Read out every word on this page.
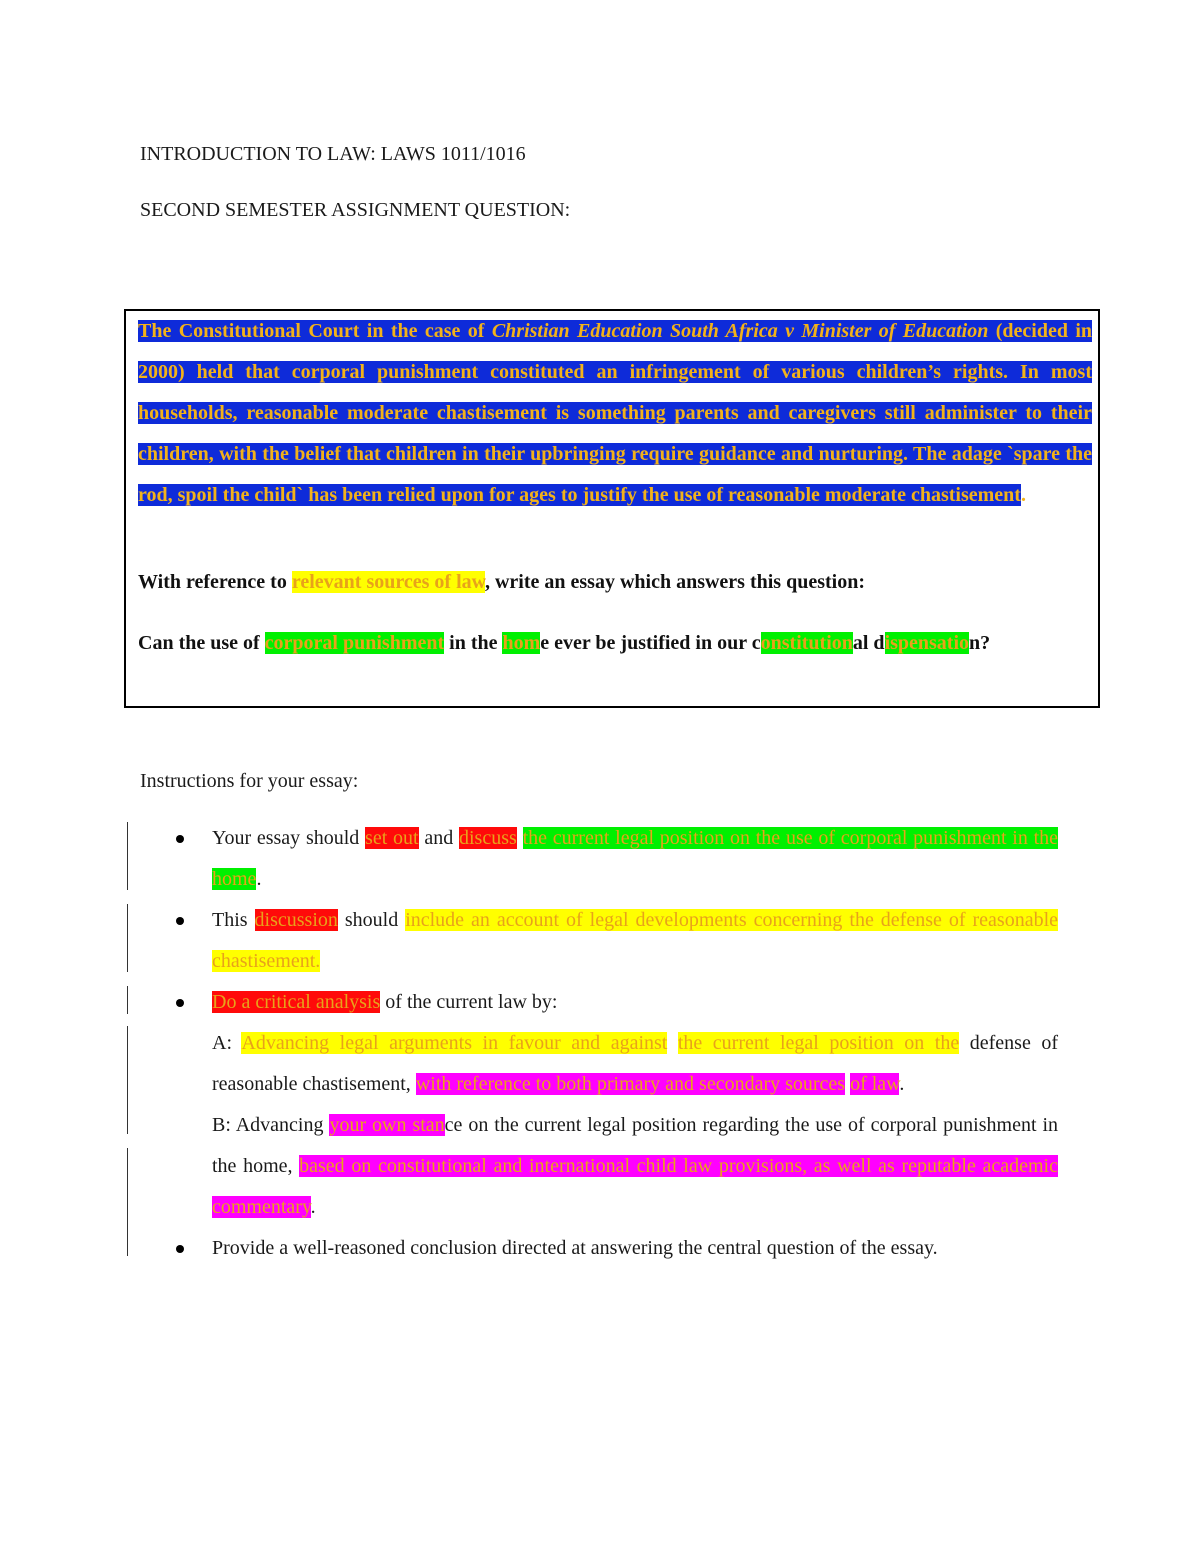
INTRODUCTION TO LAW: LAWS 1011/1016
SECOND SEMESTER ASSIGNMENT QUESTION:
The Constitutional Court in the case of Christian Education South Africa v Minister of Education (decided in 2000) held that corporal punishment constituted an infringement of various children’s rights. In most households, reasonable moderate chastisement is something parents and caregivers still administer to their children, with the belief that children in their upbringing require guidance and nurturing. The adage `spare the rod, spoil the child` has been relied upon for ages to justify the use of reasonable moderate chastisement.
With reference to relevant sources of law, write an essay which answers this question:
Can the use of corporal punishment in the home ever be justified in our constitutional dispensation?
Instructions for your essay:
Your essay should set out and discuss the current legal position on the use of corporal punishment in the home.
This discussion should include an account of legal developments concerning the defense of reasonable chastisement.
Do a critical analysis of the current law by:
A: Advancing legal arguments in favour and against the current legal position on the defense of reasonable chastisement, with reference to both primary and secondary sources of law.
B: Advancing your own stance on the current legal position regarding the use of corporal punishment in the home, based on constitutional and international child law provisions, as well as reputable academic commentary.
Provide a well-reasoned conclusion directed at answering the central question of the essay.
